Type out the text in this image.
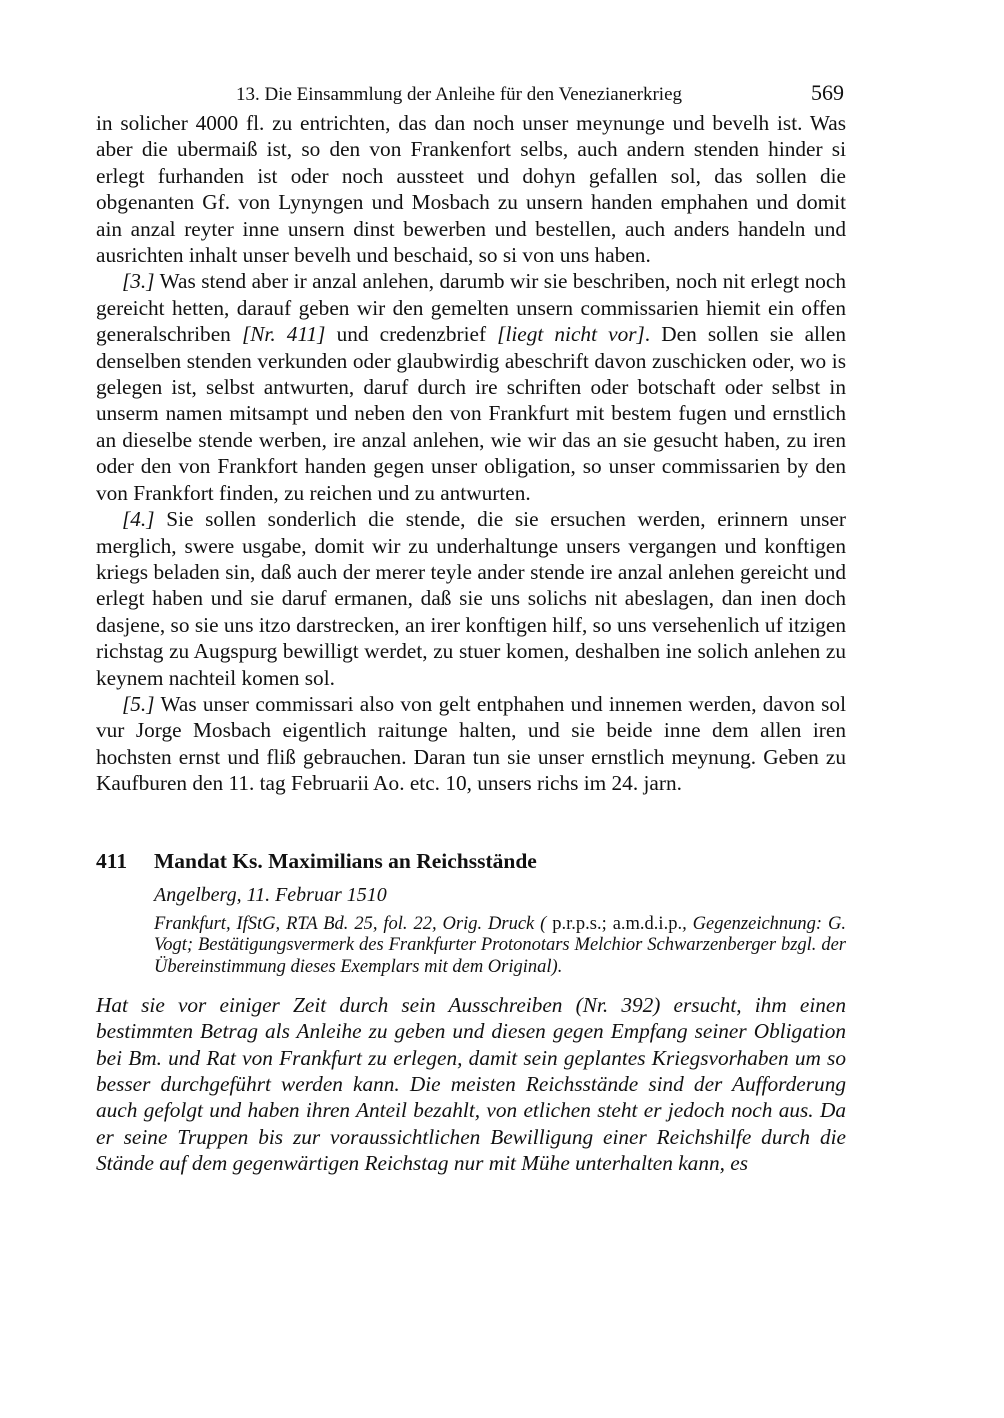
13. Die Einsammlung der Anleihe für den Venezianerkrieg	569

in solicher 4000 fl. zu entrichten, das dan noch unser meynunge und bevelh ist. Was aber die ubermaiß ist, so den von Frankenfort selbs, auch andern stenden hinder si erlegt furhanden ist oder noch aussteet und dohyn gefallen sol, das sollen die obgenanten Gf. von Lynyngen und Mosbach zu unsern handen emphahen und domit ain anzal reyter inne unsern dinst bewerben und bestellen, auch anders handeln und ausrichten inhalt unser bevelh und beschaid, so si von uns haben.

[3.] Was stend aber ir anzal anlehen, darumb wir sie beschriben, noch nit erlegt noch gereicht hetten, darauf geben wir den gemelten unsern commissarien hiemit ein offen generalschriben [Nr. 411] und credenzbrief [liegt nicht vor]. Den sollen sie allen denselben stenden verkunden oder glaubwirdig abeschrift davon zuschicken oder, wo is gelegen ist, selbst antwurten, daruf durch ire schriften oder botschaft oder selbst in unserm namen mitsampt und neben den von Frankfurt mit bestem fugen und ernstlich an dieselbe stende werben, ire anzal anlehen, wie wir das an sie gesucht haben, zu iren oder den von Frankfort handen gegen unser obligation, so unser commissarien by den von Frankfort finden, zu reichen und zu antwurten.

[4.] Sie sollen sonderlich die stende, die sie ersuchen werden, erinnern unser merglich, swere usgabe, domit wir zu underhaltunge unsers vergangen und konftigen kriegs beladen sin, daß auch der merer teyle ander stende ire anzal anlehen gereicht und erlegt haben und sie daruf ermanen, daß sie uns solichs nit abeslagen, dan inen doch dasjene, so sie uns itzo darstrecken, an irer konftigen hilf, so uns versehenlich uf itzigen richstag zu Augspurg bewilligt werdet, zu stuer komen, deshalben ine solich anlehen zu keynem nachteil komen sol.

[5.] Was unser commissari also von gelt entphahen und innemen werden, davon sol vur Jorge Mosbach eigentlich raitunge halten, und sie beide inne dem allen iren hochsten ernst und fliß gebrauchen. Daran tun sie unser ernstlich meynung. Geben zu Kaufburen den 11. tag Februarii Ao. etc. 10, unsers richs im 24. jarn.

411	Mandat Ks. Maximilians an Reichsstände
Angelberg, 11. Februar 1510
Frankfurt, IfStG, RTA Bd. 25, fol. 22, Orig. Druck ( p.r.p.s.; a.m.d.i.p., Gegenzeichnung: G. Vogt; Bestätigungsvermerk des Frankfurter Protonotars Melchior Schwarzenberger bzgl. der Übereinstimmung dieses Exemplars mit dem Original).
Hat sie vor einiger Zeit durch sein Ausschreiben (Nr. 392) ersucht, ihm einen bestimmten Betrag als Anleihe zu geben und diesen gegen Empfang seiner Obligation bei Bm. und Rat von Frankfurt zu erlegen, damit sein geplantes Kriegsvorhaben um so besser durchgeführt werden kann. Die meisten Reichsstände sind der Aufforderung auch gefolgt und haben ihren Anteil bezahlt, von etlichen steht er jedoch noch aus. Da er seine Truppen bis zur voraussichtlichen Bewilligung einer Reichshilfe durch die Stände auf dem gegenwärtigen Reichstag nur mit Mühe unterhalten kann, es
